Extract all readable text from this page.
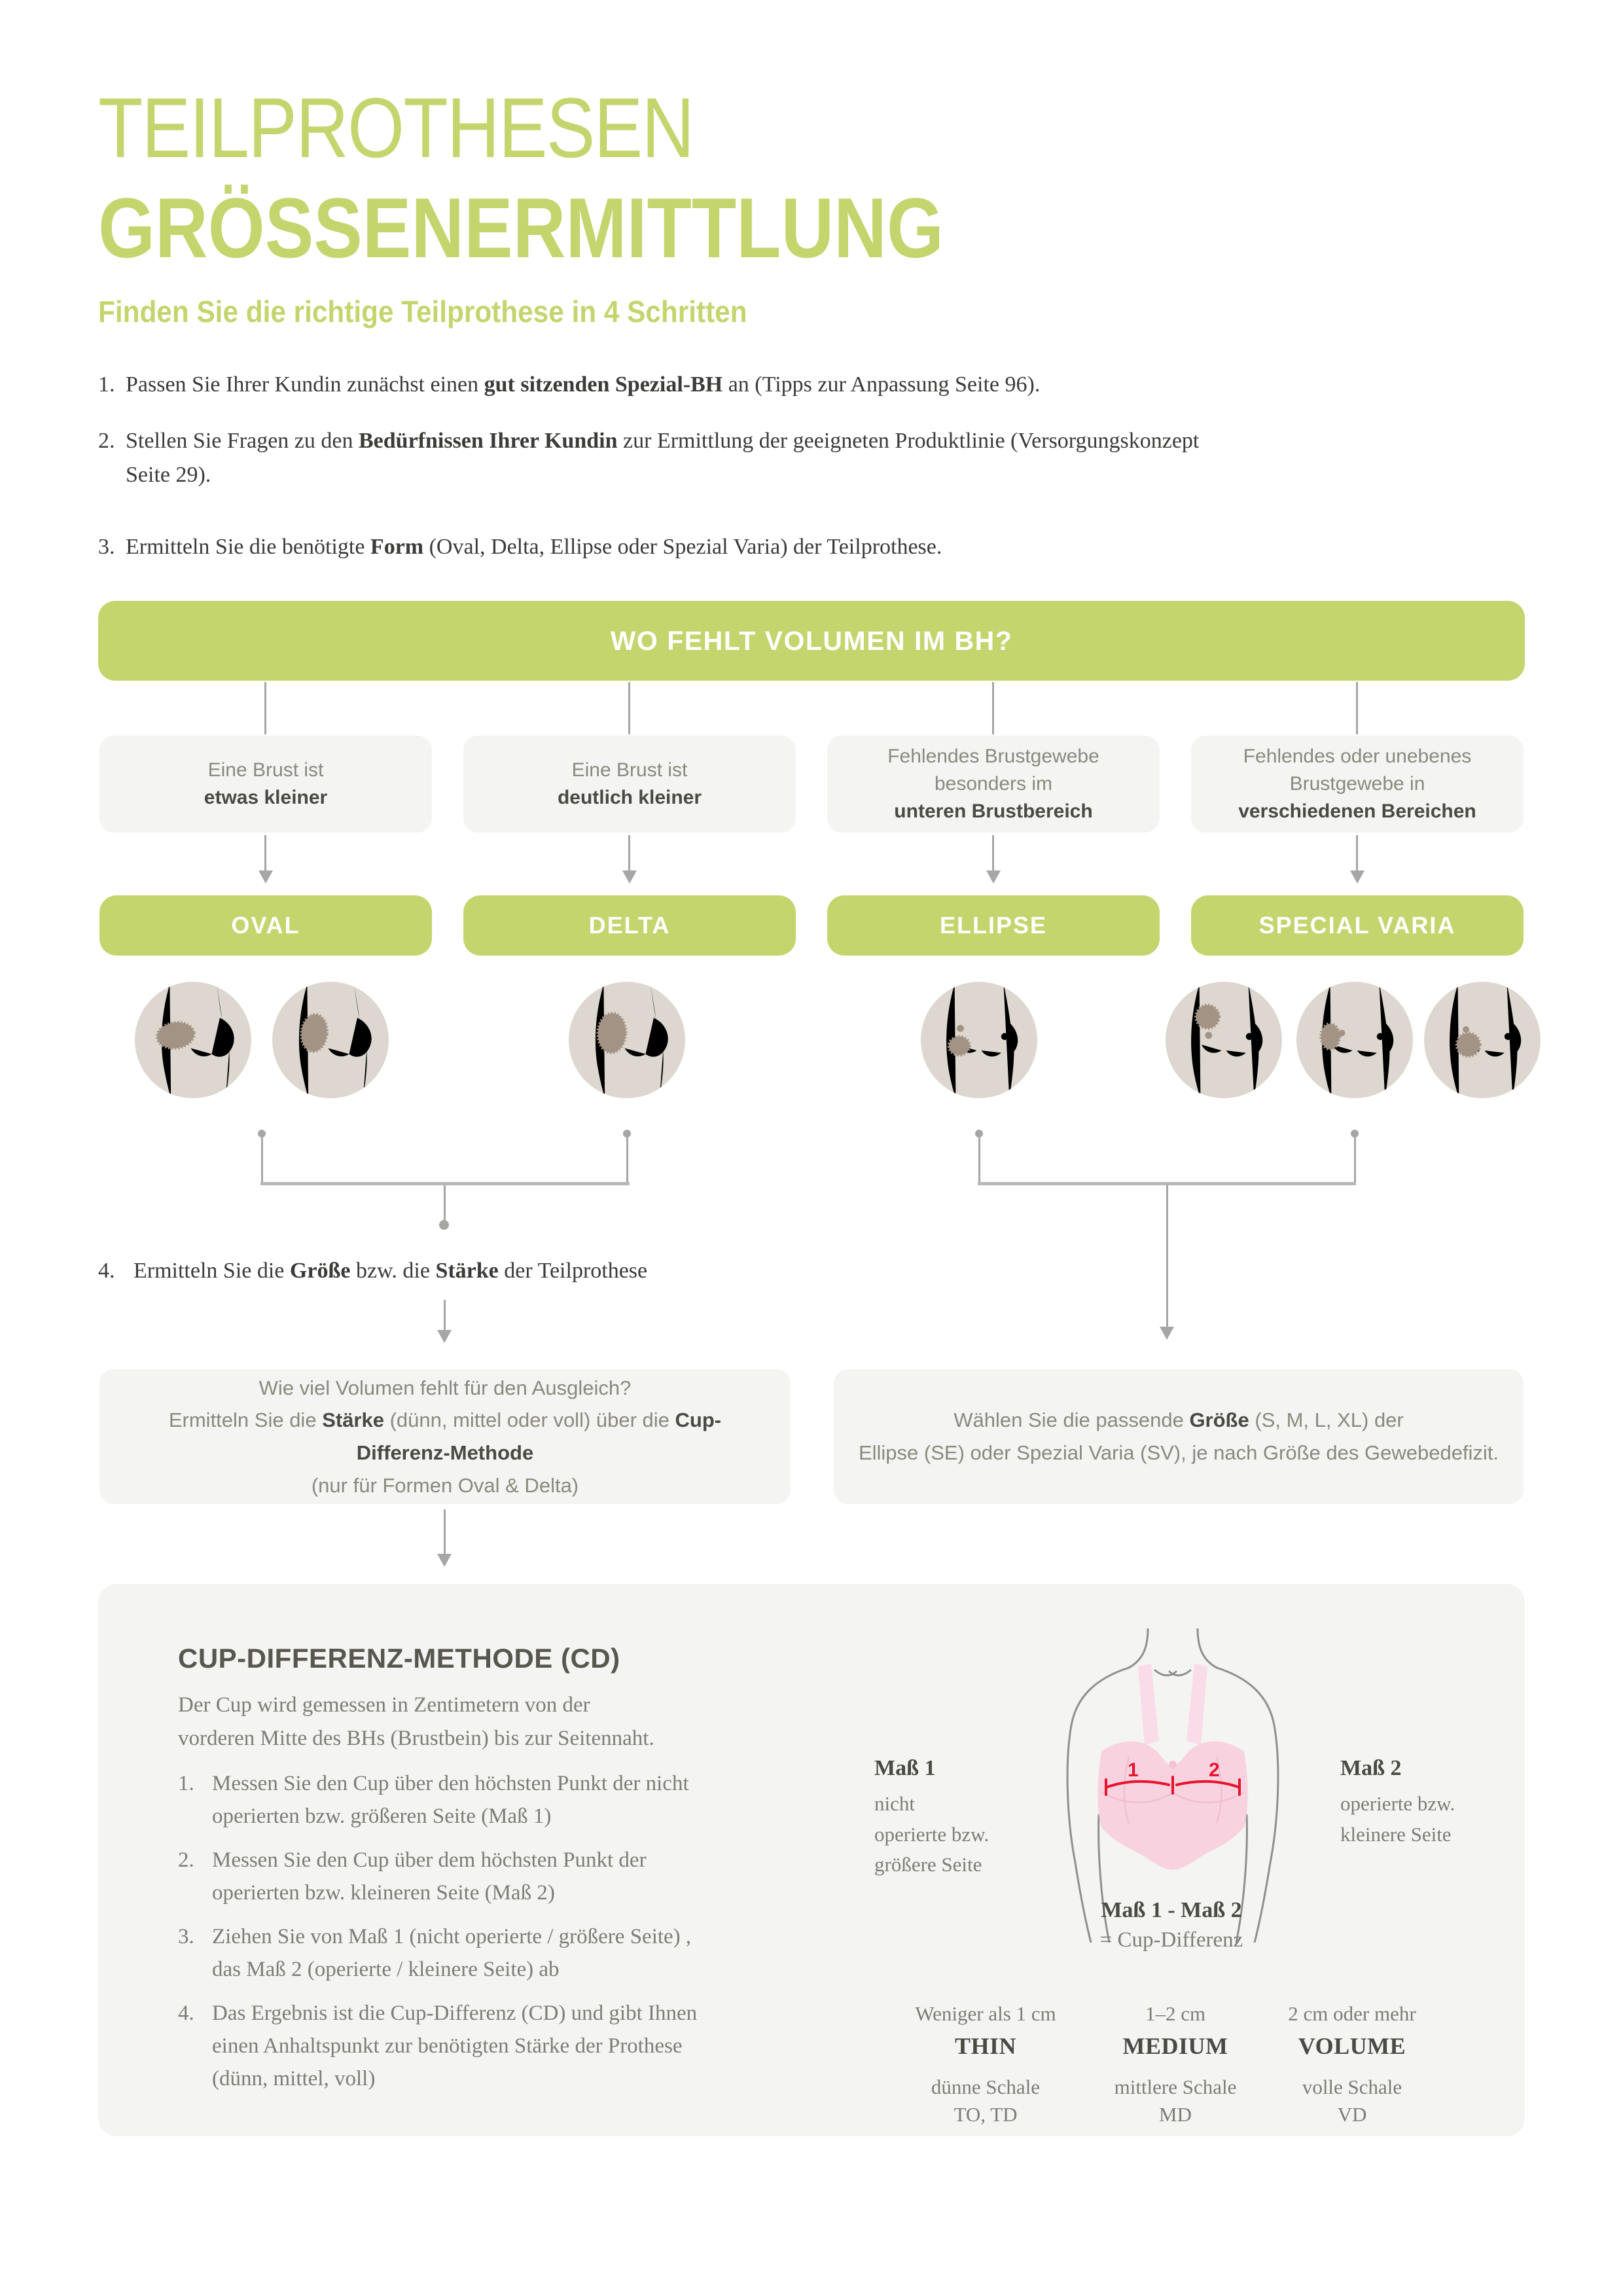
TEILPROTHESEN
GRÖSSENERMITTLUNG
Finden Sie die richtige Teilprothese in 4 Schritten
1. Passen Sie Ihrer Kundin zunächst einen gut sitzenden Spezial-BH an (Tipps zur Anpassung Seite 96).
2. Stellen Sie Fragen zu den Bedürfnissen Ihrer Kundin zur Ermittlung der geeigneten Produktlinie (Versorgungskonzept Seite 29).
3. Ermitteln Sie die benötigte Form (Oval, Delta, Ellipse oder Spezial Varia) der Teilprothese.
WO FEHLT VOLUMEN IM BH?
Eine Brust ist
etwas kleiner
Eine Brust ist
deutlich kleiner
Fehlendes Brustgewebe
besonders im
unteren Brustbereich
Fehlendes oder unebenes
Brustgewebe in
verschiedenen Bereichen
OVAL	DELTA	ELLIPSE	SPECIAL VARIA
4. Ermitteln Sie die Größe bzw. die Stärke der Teilprothese
Wie viel Volumen fehlt für den Ausgleich?
Ermitteln Sie die Stärke (dünn, mittel oder voll) über die Cup-
Differenz-Methode
(nur für Formen Oval & Delta)
Wählen Sie die passende Größe (S, M, L, XL) der
Ellipse (SE) oder Spezial Varia (SV), je nach Größe des Gewebedefizit.
CUP-DIFFERENZ-METHODE (CD)
Der Cup wird gemessen in Zentimetern von der
vorderen Mitte des BHs (Brustbein) bis zur Seitennaht.
1. Messen Sie den Cup über den höchsten Punkt der nicht
operierten bzw. größeren Seite (Maß 1)
2. Messen Sie den Cup über dem höchsten Punkt der
operierten bzw. kleineren Seite (Maß 2)
3. Ziehen Sie von Maß 1 (nicht operierte / größere Seite) ,
das Maß 2 (operierte / kleinere Seite) ab
4. Das Ergebnis ist die Cup-Differenz (CD) und gibt Ihnen
einen Anhaltspunkt zur benötigten Stärke der Prothese
(dünn, mittel, voll)
1	2
Maß 1
nicht
operierte bzw.
größere Seite
Maß 2
operierte bzw.
kleinere Seite
Maß 1 - Maß 2
= Cup-Differenz
Weniger als 1 cm
THIN
dünne Schale
TO, TD
1–2 cm
MEDIUM
mittlere Schale
MD
2 cm oder mehr
VOLUME
volle Schale
VD
